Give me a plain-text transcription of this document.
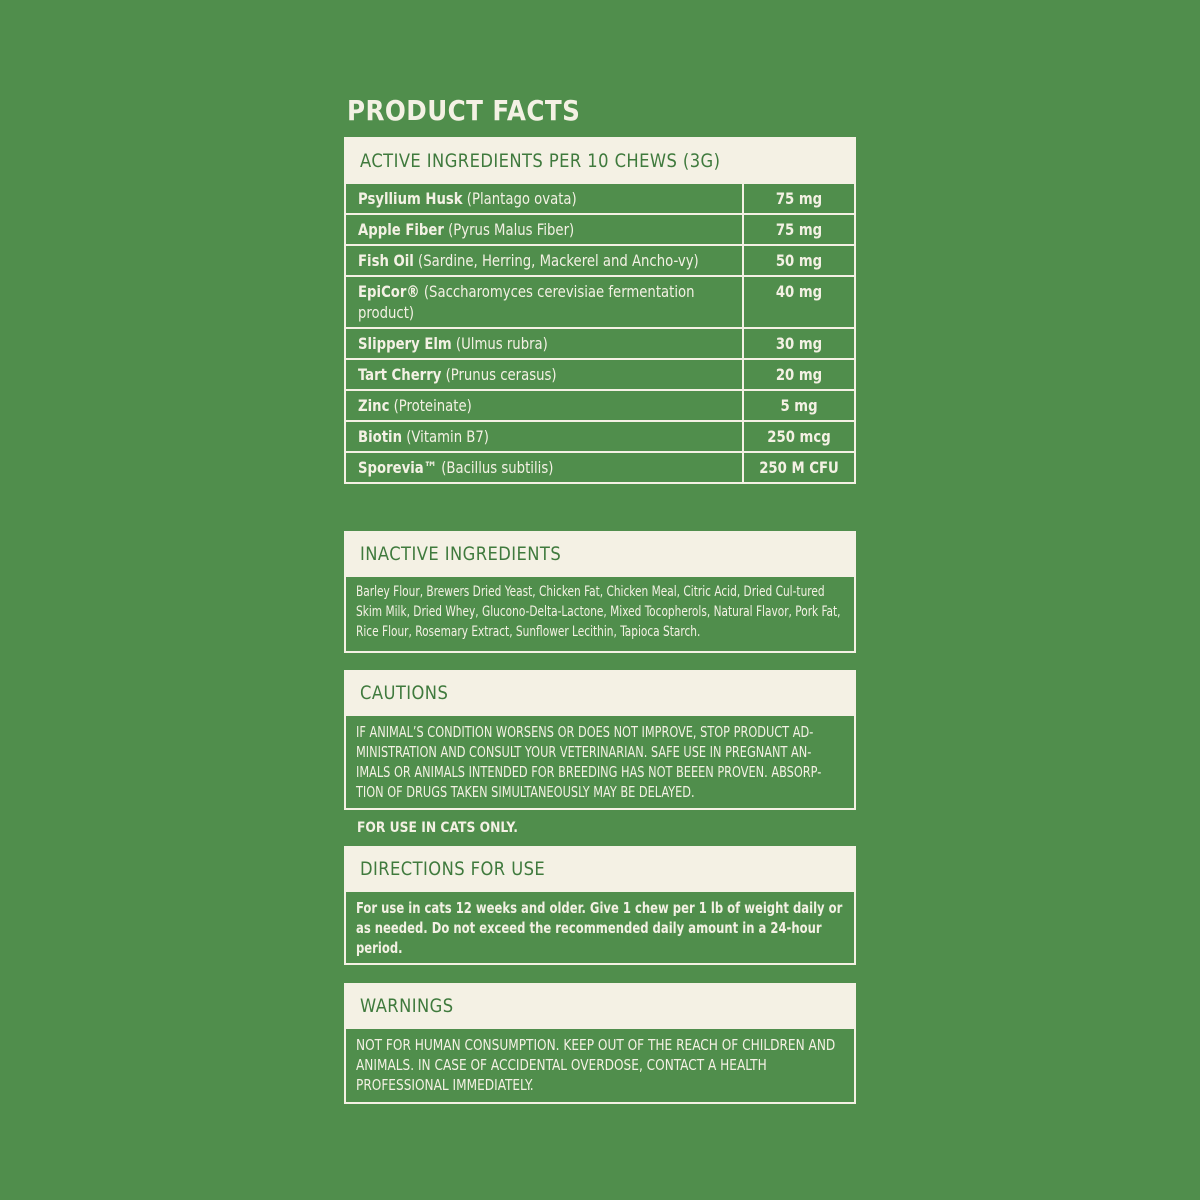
PRODUCT FACTS
ACTIVE INGREDIENTS PER 10 CHEWS (3G)
Psyllium Husk (Plantago ovata)	75 mg

Apple Fiber (Pyrus Malus Fiber)	75 mg

Fish Oil (Sardine, Herring, Mackerel and Ancho-vy)	50 mg

EpiCor® (Saccharomyces cerevisiae fermentation product)	40 mg

Slippery Elm (Ulmus rubra)	30 mg

Tart Cherry (Prunus cerasus)	20 mg

Zinc (Proteinate)	5 mg

Biotin (Vitamin B7)	250 mcg

Sporevia™ (Bacillus subtilis)	250 M CFU
INACTIVE INGREDIENTS
Barley Flour, Brewers Dried Yeast, Chicken Fat, Chicken Meal, Citric Acid, Dried Cul-tured Skim Milk, Dried Whey, Glucono-Delta-Lactone, Mixed Tocopherols, Natural Flavor, Pork Fat, Rice Flour, Rosemary Extract, Sunflower Lecithin, Tapioca Starch.
CAUTIONS
IF ANIMAL’S CONDITION WORSENS OR DOES NOT IMPROVE, STOP PRODUCT AD-MINISTRATION AND CONSULT YOUR VETERINARIAN. SAFE USE IN PREGNANT AN-IMALS OR ANIMALS INTENDED FOR BREEDING HAS NOT BEEEN PROVEN. ABSORP-TION OF DRUGS TAKEN SIMULTANEOUSLY MAY BE DELAYED.
FOR USE IN CATS ONLY.
DIRECTIONS FOR USE
For use in cats 12 weeks and older. Give 1 chew per 1 lb of weight daily or as needed. Do not exceed the recommended daily amount in a 24-hour period.
WARNINGS
NOT FOR HUMAN CONSUMPTION. KEEP OUT OF THE REACH OF CHILDREN AND ANIMALS. IN CASE OF ACCIDENTAL OVERDOSE, CONTACT A HEALTH PROFESSIONAL IMMEDIATELY.
